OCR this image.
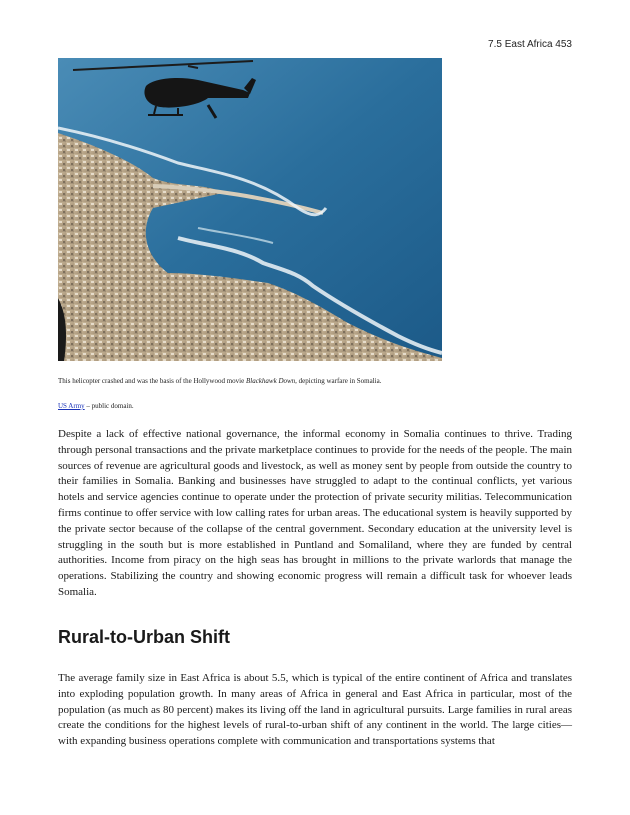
7.5 East Africa 453
This helicopter crashed and was the basis of the Hollywood movie Blackhawk Down, depicting warfare in Somalia.
US Army – public domain.

Despite a lack of effective national governance, the informal economy in Somalia continues to thrive. Trading through personal transactions and the private marketplace continues to provide for the needs of the people. The main sources of revenue are agricultural goods and livestock, as well as money sent by people from outside the country to their families in Somalia. Banking and businesses have struggled to adapt to the continual conflicts, yet various hotels and service agencies continue to operate under the protection of private security militias. Telecommunication firms continue to offer service with low calling rates for urban areas. The educational system is heavily supported by the private sector because of the collapse of the central government. Secondary education at the university level is struggling in the south but is more established in Puntland and Somaliland, where they are funded by central authorities. Income from piracy on the high seas has brought in millions to the private warlords that manage the operations. Stabilizing the country and showing economic progress will remain a difficult task for whoever leads Somalia.

Rural-to-Urban Shift

The average family size in East Africa is about 5.5, which is typical of the entire continent of Africa and translates into exploding population growth. In many areas of Africa in general and East Africa in particular, most of the population (as much as 80 percent) makes its living off the land in agricultural pursuits. Large families in rural areas create the conditions for the highest levels of rural-to-urban shift of any continent in the world. The large cities—with expanding business operations complete with communication and transportations systems that
